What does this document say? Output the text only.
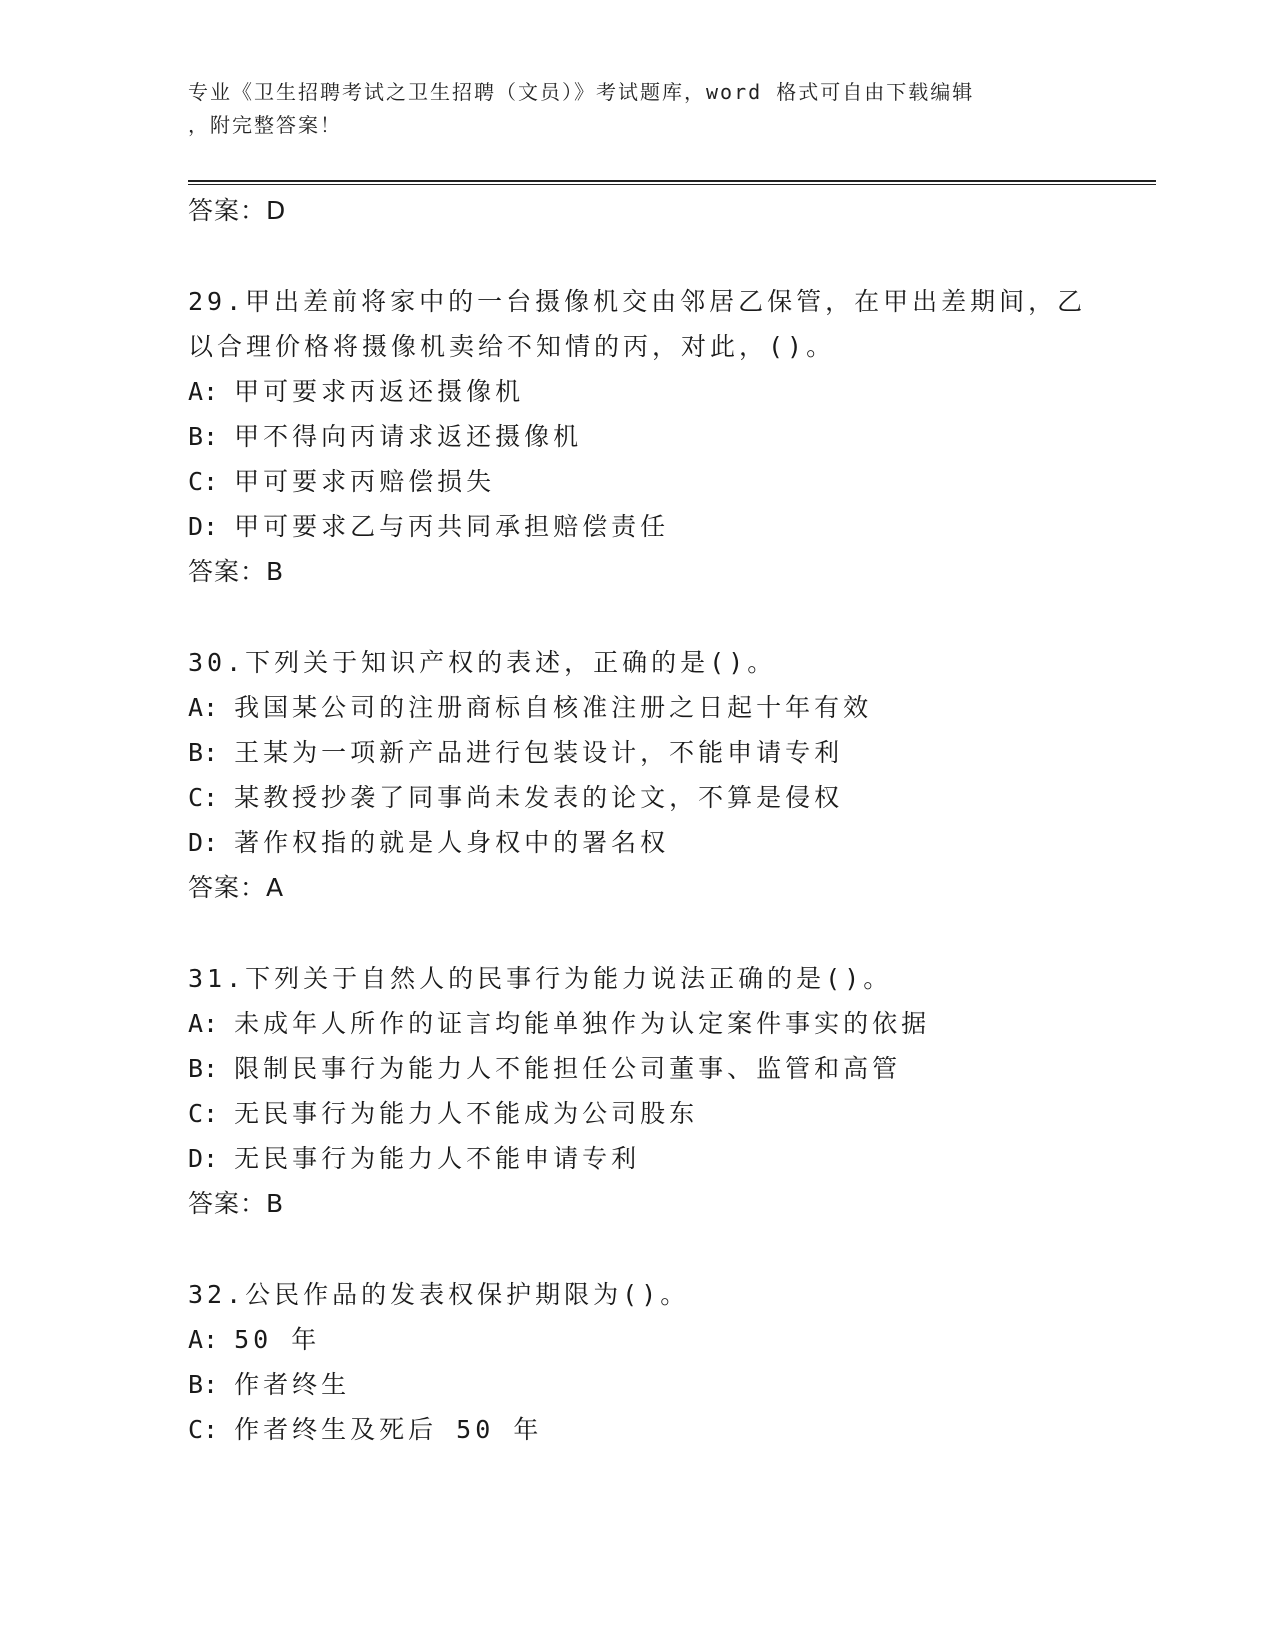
专业《卫生招聘考试之卫生招聘（文员）》考试题库，word 格式可自由下载编辑
，附完整答案！
答案：D
29.甲出差前将家中的一台摄像机交由邻居乙保管，在甲出差期间，乙
以合理价格将摄像机卖给不知情的丙，对此，()。
A: 甲可要求丙返还摄像机
B: 甲不得向丙请求返还摄像机
C: 甲可要求丙赔偿损失
D: 甲可要求乙与丙共同承担赔偿责任
答案：B
30.下列关于知识产权的表述，正确的是()。
A: 我国某公司的注册商标自核准注册之日起十年有效
B: 王某为一项新产品进行包装设计，不能申请专利
C: 某教授抄袭了同事尚未发表的论文，不算是侵权
D: 著作权指的就是人身权中的署名权
答案：A
31.下列关于自然人的民事行为能力说法正确的是()。
A: 未成年人所作的证言均能单独作为认定案件事实的依据
B: 限制民事行为能力人不能担任公司董事、监管和高管
C: 无民事行为能力人不能成为公司股东
D: 无民事行为能力人不能申请专利
答案：B
32.公民作品的发表权保护期限为()。
A: 50 年
B: 作者终生
C: 作者终生及死后 50 年
